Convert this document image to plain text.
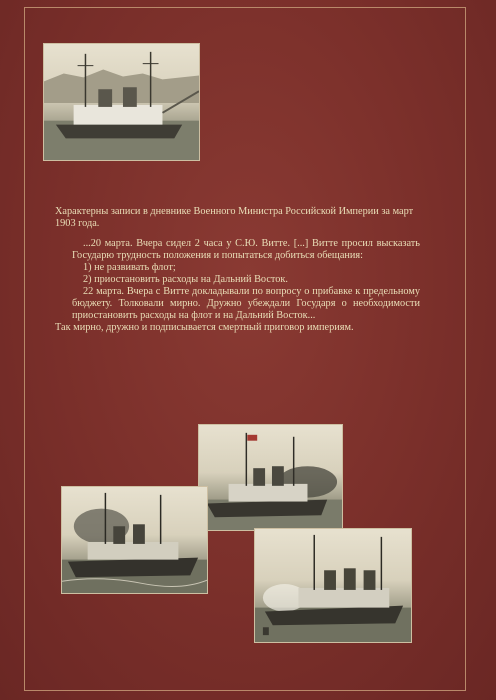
Характерны записи в дневнике Военного Министра Российской Империи за март 1903 года.

...20 марта. Вчера сидел 2 часа у С.Ю. Витте. [...] Витте просил высказать Государю трудность положения и попытаться добиться обещания:

1) не развивать флот;

2) приостановить расходы на Дальний Восток.

22 марта. Вчера с Витте докладывали по вопросу о прибавке к предельному бюджету. Толковали мирно. Дружно убеждали Государя о необходимости приостановить расходы на флот и на Дальний Восток...

Так мирно, дружно и подписывается смертный приговор империям.
